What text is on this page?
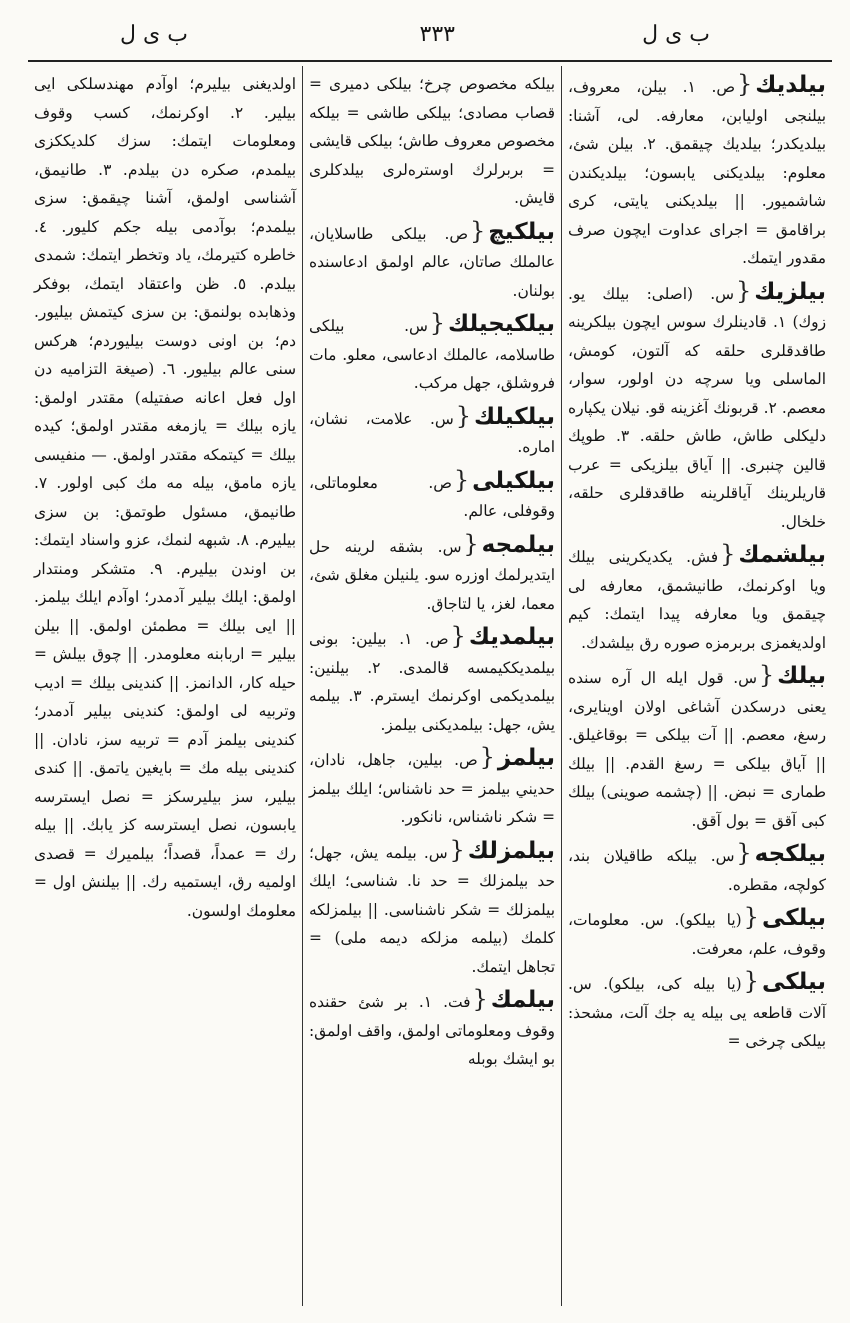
ب ى ل
٣٣٣
ب ى ل
بيلديك{ص. ١. بيلن، معروف، بيلنجى اولیابن، معارفه. لى، آشنا: بيلديكدر؛ بيلديك چيقمق. ٢. بيلن شئ، معلوم: بيلديكنى يابسون؛ بيلديكندن شاشميور. || بيلديكنى يايتى، كرى براقامق = اجراى عداوت ايچون صرف مقدور ايتمك.
بيلزيك{س. (اصلى: بيلك يو. زوك) ١. قادينلرك سوس ايچون بيلكرينه طاقدقلرى حلقه كه آلتون، كومش، الماسلى ويا سرچه دن اولور، سوار، معصم. ٢. قربونك آغزينه قو. نيلان يكپاره دليكلى طاش، طاش حلقه. ٣. طوپك قالين چنبرى. || آياق بيلزيكى = عرب قاريلرينك آياقلرينه طاقدقلرى حلقه، خلخال.
بيلشمك{فش. يكديكرينى بيلك ويا اوكرنمك، طانيشمق، معارفه لى چيقمق ويا معارفه پيدا ايتمك: كيم اولديغمزى بربرمزه صوره رق بيلشدك.
بيلك{س. قول ايله ال آره سنده يعنى درسكدن آشاغى اولان اوينايرى، رسغ، معصم. || آت بيلكى = بوقاغيلق. || آياق بيلكى = رسغ القدم. || بيلك طمارى = نبض. || (چشمه صوينى) بيلك كبى آقق = بول آقق.
بيلكجه{س. بيلكه طاقيلان بند، كولچه، مقطره.
بيلكى{(يا بيلكو). س. معلومات، وقوف، علم، معرفت.
بيلكى{(يا بيله كى، بيلكو). س. آلات قاطعه يى بيله يه جك آلت، مشحذ: بيلكى چرخى =
بيلكه مخصوص چرخ؛ بيلكى دميرى = قصاب مصادى؛ بيلكى طاشى = بيلكه مخصوص معروف طاش؛ بيلكى قايشى = بربرلرك اوسترەلرى بيلدكلرى قايش.
بيلكيچ{ص. بيلكى طاسلايان، عالملك صاتان، عالم اولمق ادعاسنده بولنان.
بيلكيجيلك{س. بيلكى طاسلامه، عالملك ادعاسى، معلو. مات فروشلق، جهل مركب.
بيلكيلك{س. علامت، نشان، اماره.
بيلكيلى{ص. معلوماتلى، وقوفلى، عالم.
بيلمجه{س. بشقه لرينه حل ايتديرلمك اوزره سو. يلنيلن مغلق شئ، معما، لغز، يا لتاجاق.
بيلمديك{ص. ١. بيلين: بونى بيلمديككيمسه قالمدى. ٢. بيلنين: بيلمديكمى اوكرنمك ايسترم. ٣. بيلمه يش، جهل: بيلمديكنى بيلمز.
بيلمز{ص. بيلين، جاهل، نادان، حديني بيلمز = حد ناشناس؛ ايلك بيلمز = شكر ناشناس، نانكور.
بيلمزلك{س. بيلمه يش، جهل؛ حد بيلمزلك = حد نا. شناسى؛ ايلك بيلمزلك = شكر ناشناسى. || بيلمزلكه كلمك (بيلمه مزلكه دیمه ملى) = تجاهل ايتمك.
بيلمك{فت. ١. بر شئ حقنده وقوف ومعلوماتى اولمق، واقف اولمق: بو ايشك بوبله
اولديغنى بيليرم؛ اوآدم مهندسلكى ايى بيلير. ٢. اوكرنمك، كسب وقوف ومعلومات ايتمك: سزك كلديككزى بيلمدم، صكره دن بيلدم. ٣. طانيمق، آشناسى اولمق، آشنا چيقمق: سزى بيلمدم؛ بوآدمى بيله جكم كليور. ٤. خاطره كتيرمك، ياد وتخطر ايتمك: شمدى بيلدم. ٥. ظن واعتقاد ايتمك، بوفكر وذهابده بولنمق: بن سزى كيتمش بيليور. دم؛ بن اونى دوست بيليوردم؛ هركس سنى عالم بيليور. ٦. (صيغة التزاميه دن اول فعل اعانه صفتيله) مقتدر اولمق: يازه بيلك = يازمغه مقتدر اولمق؛ كيده بيلك = كيتمكه مقتدر اولمق. — منفيسى يازه مامق، بيله مه مك كبى اولور. ٧. طانيمق، مسئول طوتمق: بن سزى بيليرم. ٨. شبهه لنمك، عزو واسناد ايتمك: بن اوندن بيليرم. ٩. متشكر ومنتدار اولمق: ايلك بيلير آدمدر؛ اوآدم ايلك بيلمز. || ايى بيلك = مطمئن اولمق. || بيلن بيلير = اربابنه معلومدر. || چوق بيلش = حيله كار، الدانمز. || كندينى بيلك = اديب وتربيه لى اولمق: كندينى بيلير آدمدر؛ كندينى بيلمز آدم = تربيه سز، نادان. || كندينى بيله مك = بايغين ياتمق. || كندى بيلير، سز بيليرسكز = نصل ايسترسه يابسون، نصل ايسترسه كز يابك. || بيله رك = عمداً، قصداً؛ بيلميرك = قصدى اولميه رق، ايستميه رك. || بيلنش اول = معلومك اولسون.
